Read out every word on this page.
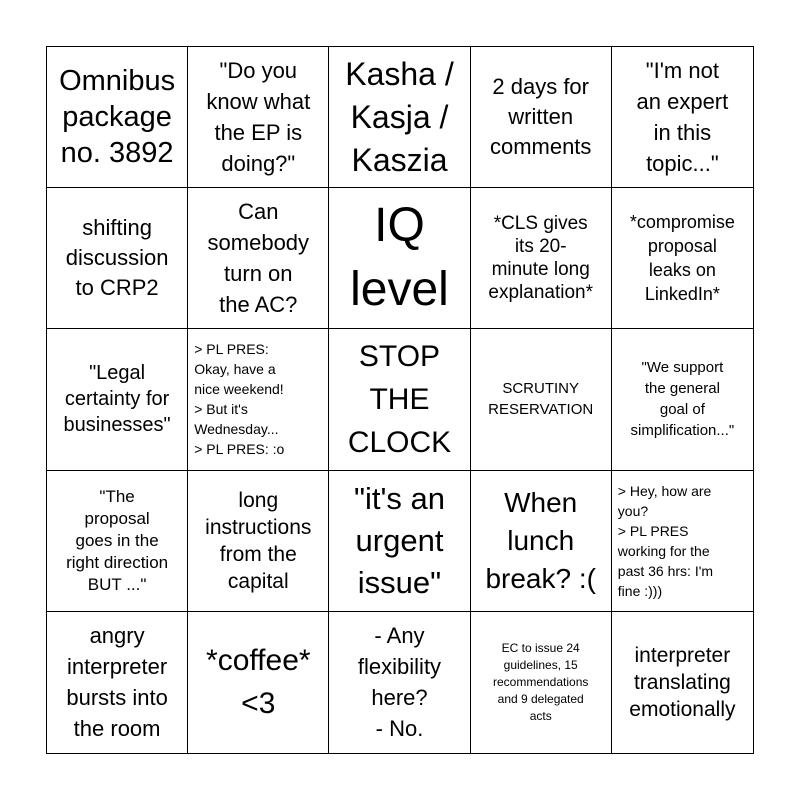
Omnibus
package
no. 3892
"Do you
know what
the EP is
doing?"
Kasha /
Kasja /
Kaszia
2 days for
written
comments
"I'm not
an expert
in this
topic..."
shifting
discussion
to CRP2
Can
somebody
turn on
the AC?
IQ
level
*CLS gives
its 20-
minute long
explanation*
*compromise
proposal
leaks on
LinkedIn*
"Legal
certainty for
businesses"
> PL PRES:
Okay, have a
nice weekend!
> But it's
Wednesday...
> PL PRES: :o
STOP
THE
CLOCK
SCRUTINY
RESERVATION
"We support
the general
goal of
simplification..."
"The
proposal
goes in the
right direction
BUT ..."
long
instructions
from the
capital
"it's an
urgent
issue"
When
lunch
break? :(
> Hey, how are
you?
> PL PRES
working for the
past 36 hrs: I'm
fine :)))
angry
interpreter
bursts into
the room
*coffee*
<3
- Any
flexibility
here?
- No.
EC to issue 24
guidelines, 15
recommendations
and 9 delegated
acts
interpreter
translating
emotionally
